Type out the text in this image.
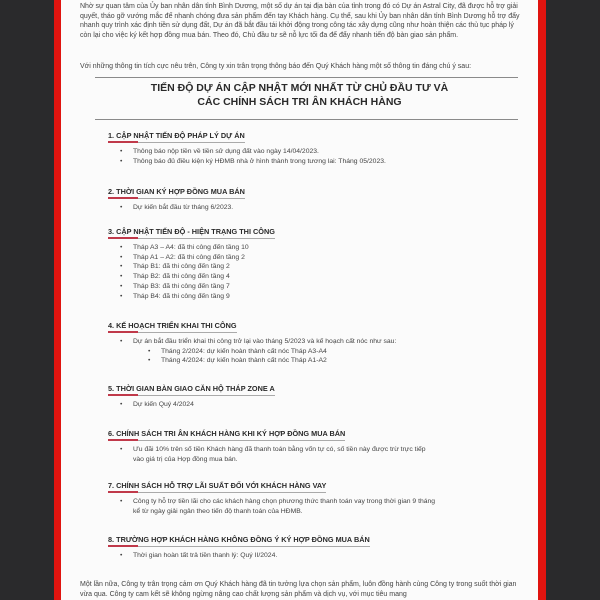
Nhờ sự quan tâm của Ủy ban nhân dân tỉnh Bình Dương, một số dự án tại địa bàn của tỉnh trong đó có Dự án Astral City, đã được hỗ trợ giải quyết, tháo gỡ vướng mắc để nhanh chóng đưa sản phẩm đến tay Khách hàng. Cụ thể, sau khi Ủy ban nhân dân tỉnh Bình Dương hỗ trợ đẩy nhanh quy trình xác định tiền sử dụng đất, Dự án đã bắt đầu tái khởi động trong công tác xây dựng cũng như hoàn thiện các thủ tục pháp lý còn lại cho việc ký kết hợp đồng mua bán. Theo đó, Chủ đầu tư sẽ nỗ lực tối đa để đẩy nhanh tiến độ bàn giao sản phẩm.

Với những thông tin tích cực nêu trên, Công ty xin trân trọng thông báo đến Quý Khách hàng một số thông tin đáng chú ý sau:

TIẾN ĐỘ DỰ ÁN CẬP NHẬT MỚI NHẤT TỪ CHỦ ĐẦU TƯ VÀ
CÁC CHÍNH SÁCH TRI ÂN KHÁCH HÀNG
1. CẬP NHẬT TIẾN ĐỘ PHÁP LÝ DỰ ÁN
• Thông báo nộp tiền về tiền sử dụng đất vào ngày 14/04/2023.
• Thông báo đủ điều kiện ký HĐMB nhà ở hình thành trong tương lai: Tháng 05/2023.
2. THỜI GIAN KÝ HỢP ĐỒNG MUA BÁN
• Dự kiến bắt đầu từ tháng 6/2023.
3. CẬP NHẬT TIẾN ĐỘ - HIỆN TRẠNG THI CÔNG
• Tháp A3 – A4: đã thi công đến tầng 10
• Tháp A1 – A2: đã thi công đến tầng 2
• Tháp B1: đã thi công đến tầng 2
• Tháp B2: đã thi công đến tầng 4
• Tháp B3: đã thi công đến tầng 7
• Tháp B4: đã thi công đến tầng 9
4. KẾ HOẠCH TRIỂN KHAI THI CÔNG
• Dự án bắt đầu triển khai thi công trở lại vào tháng 5/2023 và kế hoạch cất nóc như sau:
• Tháng 2/2024: dự kiến hoàn thành cất nóc Tháp A3-A4
• Tháng 4/2024: dự kiến hoàn thành cất nóc Tháp A1-A2
5. THỜI GIAN BÀN GIAO CĂN HỘ THÁP ZONE A
• Dự kiến Quý 4/2024
6. CHÍNH SÁCH TRI ÂN KHÁCH HÀNG KHI KÝ HỢP ĐỒNG MUA BÁN
• Ưu đãi 10% trên số tiền Khách hàng đã thanh toán bằng vốn tự có, số tiền này được trừ trực tiếp vào giá trị của Hợp đồng mua bán.
7. CHÍNH SÁCH HỖ TRỢ LÃI SUẤT ĐỐI VỚI KHÁCH HÀNG VAY
• Công ty hỗ trợ tiền lãi cho các khách hàng chọn phương thức thanh toán vay trong thời gian 9 tháng kể từ ngày giải ngân theo tiến độ thanh toán của HĐMB.
8. TRƯỜNG HỢP KHÁCH HÀNG KHÔNG ĐỒNG Ý KÝ HỢP ĐỒNG MUA BÁN
• Thời gian hoàn tất trả tiền thanh lý: Quý II/2024.

Một lần nữa, Công ty trân trọng cảm ơn Quý Khách hàng đã tin tưởng lựa chọn sản phẩm, luôn đồng hành cùng Công ty trong suốt thời gian vừa qua. Công ty cam kết sẽ không ngừng nâng cao chất lượng sản phẩm và dịch vụ, với mục tiêu mang
